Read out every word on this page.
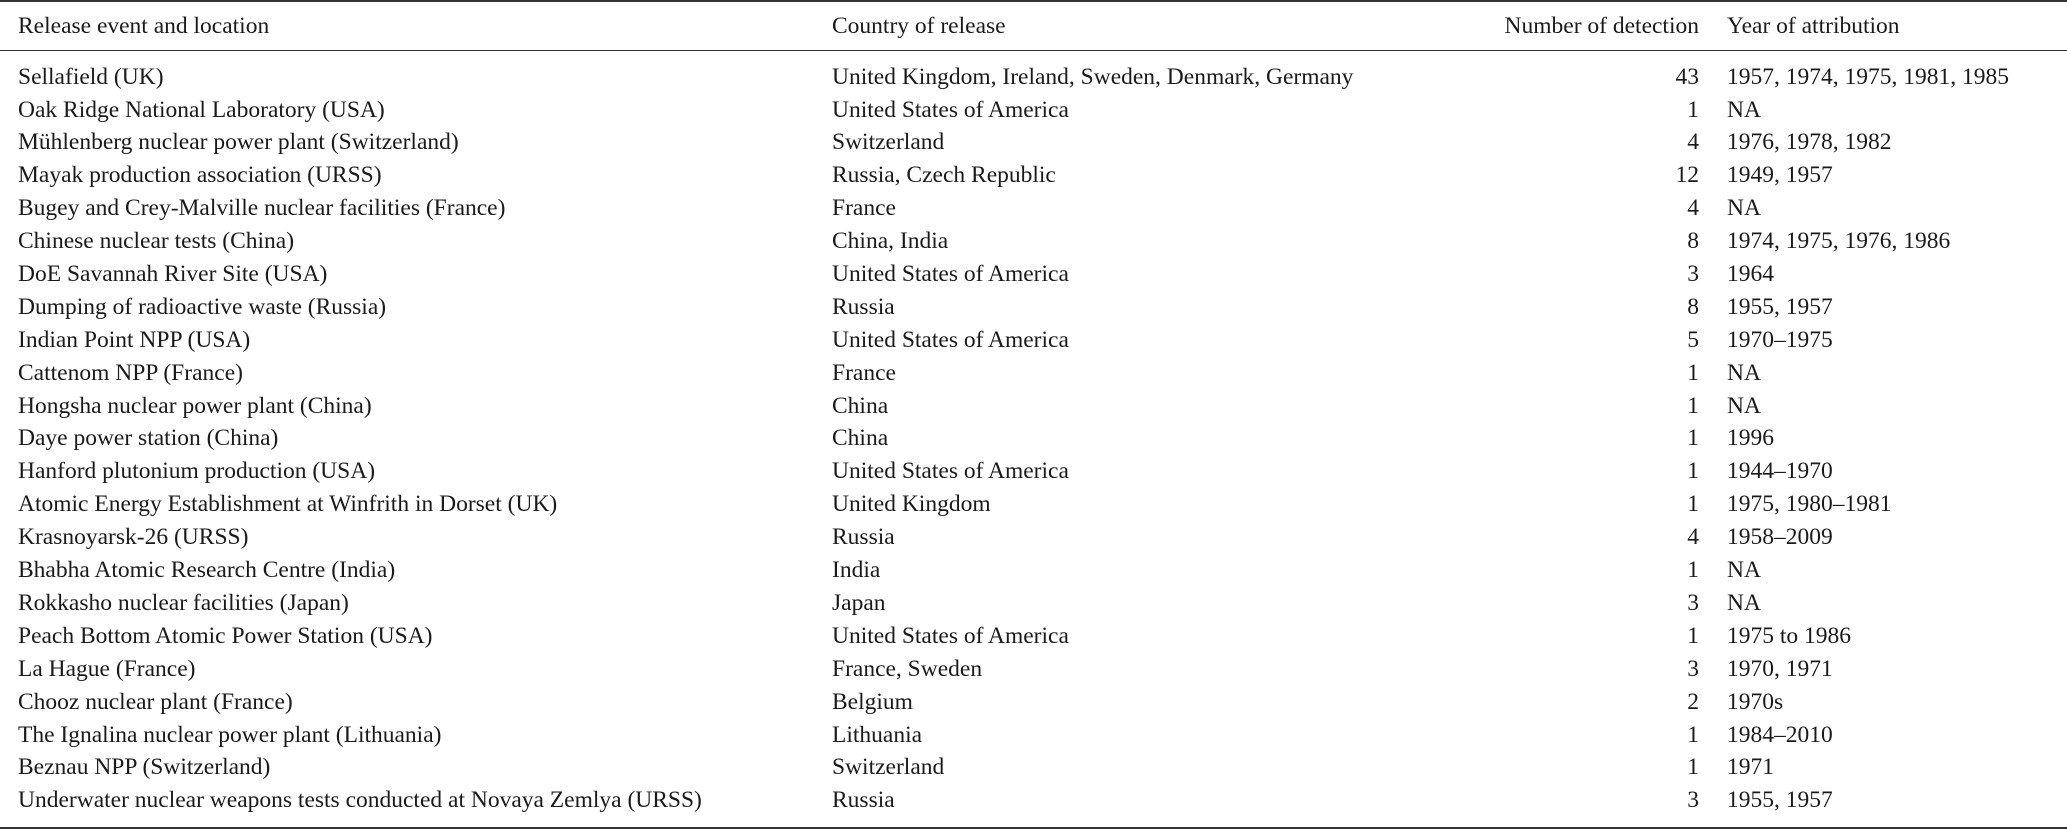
Release event and location	Country of release	Number of detection	Year of attribution

Sellafield (UK)	United Kingdom, Ireland, Sweden, Denmark, Germany	43	1957, 1974, 1975, 1981, 1985
Oak Ridge National Laboratory (USA)	United States of America	1	NA
Mühlenberg nuclear power plant (Switzerland)	Switzerland	4	1976, 1978, 1982
Mayak production association (URSS)	Russia, Czech Republic	12	1949, 1957
Bugey and Crey-Malville nuclear facilities (France)	France	4	NA
Chinese nuclear tests (China)	China, India	8	1974, 1975, 1976, 1986
DoE Savannah River Site (USA)	United States of America	3	1964
Dumping of radioactive waste (Russia)	Russia	8	1955, 1957
Indian Point NPP (USA)	United States of America	5	1970–1975
Cattenom NPP (France)	France	1	NA
Hongsha nuclear power plant (China)	China	1	NA
Daye power station (China)	China	1	1996
Hanford plutonium production (USA)	United States of America	1	1944–1970
Atomic Energy Establishment at Winfrith in Dorset (UK)	United Kingdom	1	1975, 1980–1981
Krasnoyarsk-26 (URSS)	Russia	4	1958–2009
Bhabha Atomic Research Centre (India)	India	1	NA
Rokkasho nuclear facilities (Japan)	Japan	3	NA
Peach Bottom Atomic Power Station (USA)	United States of America	1	1975 to 1986
La Hague (France)	France, Sweden	3	1970, 1971
Chooz nuclear plant (France)	Belgium	2	1970s
The Ignalina nuclear power plant (Lithuania)	Lithuania	1	1984–2010
Beznau NPP (Switzerland)	Switzerland	1	1971
Underwater nuclear weapons tests conducted at Novaya Zemlya (URSS)	Russia	3	1955, 1957
